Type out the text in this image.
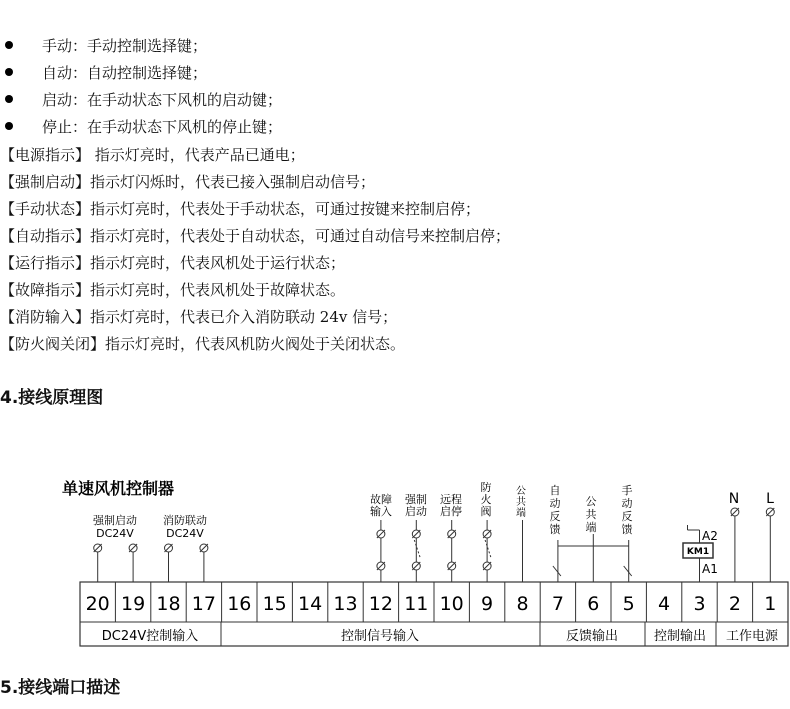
手动：手动控制选择键；
自动：自动控制选择键；
启动：在手动状态下风机的启动键；
停止：在手动状态下风机的停止键；
【电源指示】 指示灯亮时，代表产品已通电；
【强制启动】指示灯闪烁时，代表已接入强制启动信号；
【手动状态】指示灯亮时，代表处于手动状态，可通过按键来控制启停；
【自动指示】指示灯亮时，代表处于自动状态，可通过自动信号来控制启停；
【运行指示】指示灯亮时，代表风机处于运行状态；
【故障指示】指示灯亮时，代表风机处于故障状态。
【消防输入】指示灯亮时，代表已介入消防联动 24v 信号；
【防火阀关闭】指示灯亮时，代表风机防火阀处于关闭状态。
4.接线原理图
单速风机控制器
20 19 18 17 16 15 14 13 12 11 10 9 8 7 6 5 4 3 2 1
DC24V控制输入	控制信号输入	反馈输出	控制输出 工作电源
强制启动
DC24V
消防联动
DC24V
故障
输入
强制
启动
远程
启停
防
火
阀
公
共
端
自
动
反
馈
公
共
端
手
动
反
馈
N L
A2
KM1
A1
5.接线端口描述
